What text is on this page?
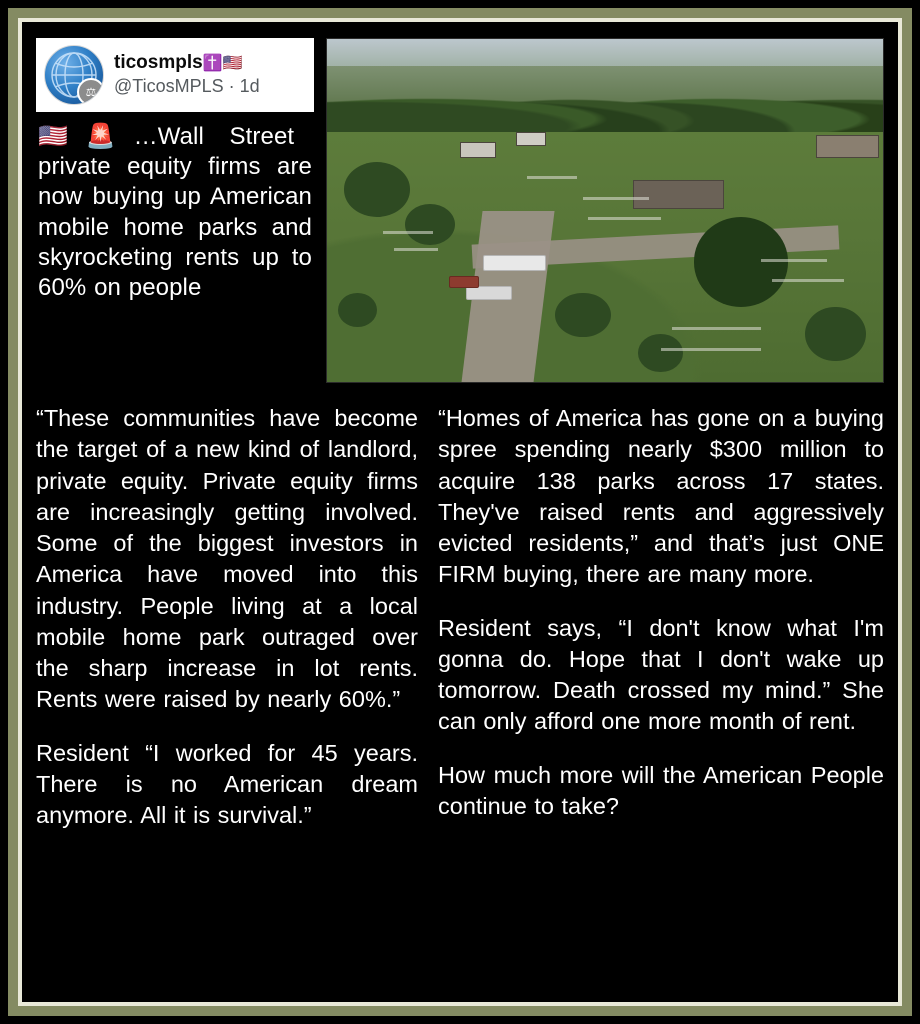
⚖
ticosmpls✝️🇺🇸
@TicosMPLS · 1d
🇺🇸🚨…Wall Street private equity firms are now buying up American mobile home parks and skyrocketing rents up to 60% on people

“These communities have become the target of a new kind of landlord, private equity. Private equity firms are increasingly getting involved. Some of the biggest investors in America have moved into this industry. People living at a local mobile home park outraged over the sharp increase in lot rents. Rents were raised by nearly 60%.”

Resident “I worked for 45 years. There is no American dream anymore. All it is survival.”

“Homes of America has gone on a buying spree spending nearly $300 million to acquire 138 parks across 17 states. They've raised rents and aggressively evicted residents,” and that’s just ONE FIRM buying, there are many more.

Resident says, “I don't know what I'm gonna do. Hope that I don't wake up tomorrow. Death crossed my mind.” She can only afford one more month of rent.

How much more will the American People continue to take?
